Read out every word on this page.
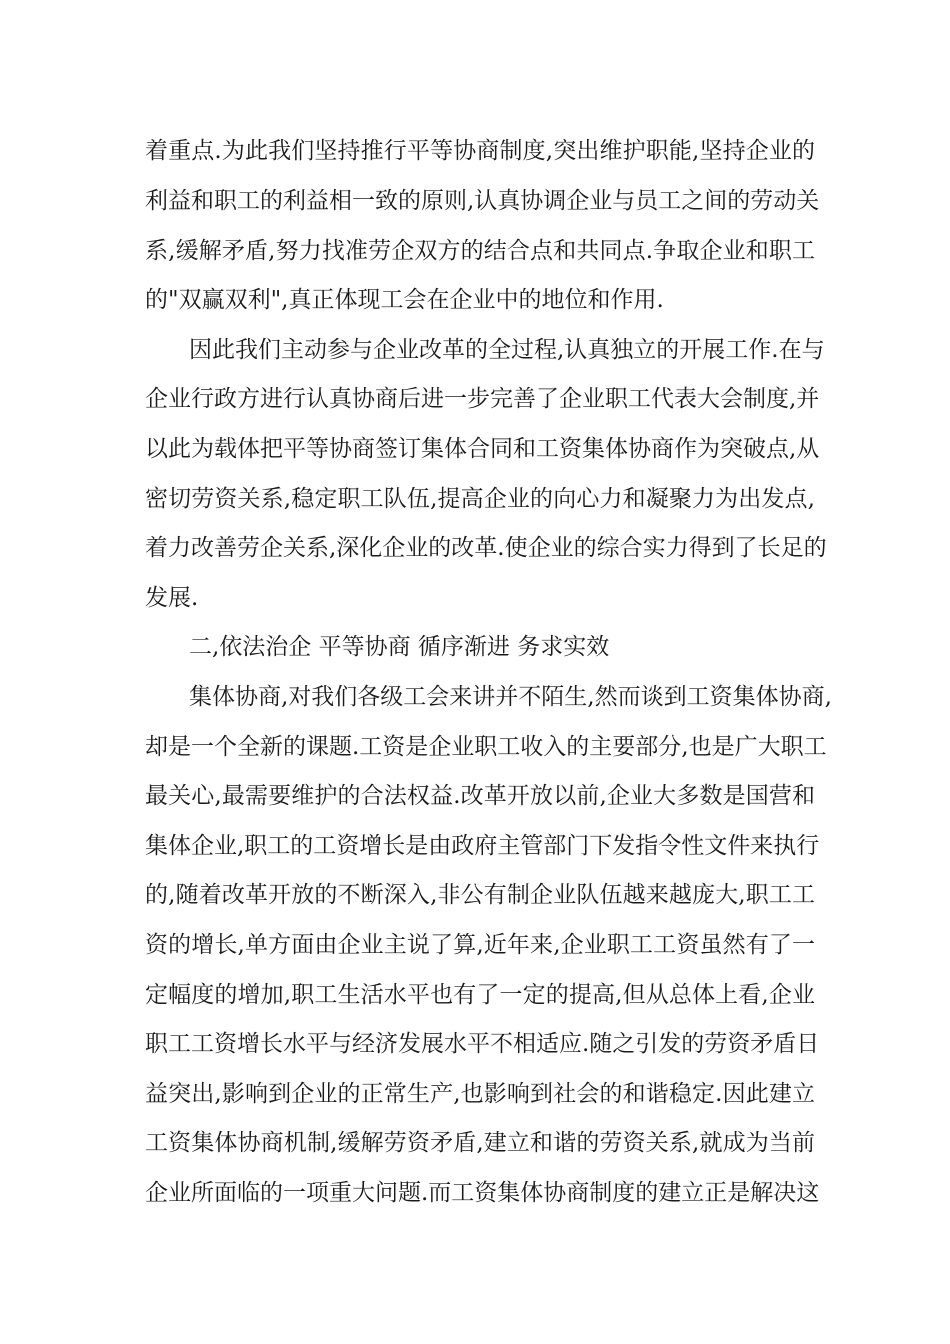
着重点.为此我们坚持推行平等协商制度,突出维护职能,坚持企业的
利益和职工的利益相一致的原则,认真协调企业与员工之间的劳动关
系,缓解矛盾,努力找准劳企双方的结合点和共同点.争取企业和职工
的"双赢双利",真正体现工会在企业中的地位和作用.
因此我们主动参与企业改革的全过程,认真独立的开展工作.在与
企业行政方进行认真协商后进一步完善了企业职工代表大会制度,并
以此为载体把平等协商签订集体合同和工资集体协商作为突破点,从
密切劳资关系,稳定职工队伍,提高企业的向心力和凝聚力为出发点,
着力改善劳企关系,深化企业的改革.使企业的综合实力得到了长足的
发展.
二,依法治企 平等协商 循序渐进 务求实效
集体协商,对我们各级工会来讲并不陌生,然而谈到工资集体协商,
却是一个全新的课题.工资是企业职工收入的主要部分,也是广大职工
最关心,最需要维护的合法权益.改革开放以前,企业大多数是国营和
集体企业,职工的工资增长是由政府主管部门下发指令性文件来执行
的,随着改革开放的不断深入,非公有制企业队伍越来越庞大,职工工
资的增长,单方面由企业主说了算,近年来,企业职工工资虽然有了一
定幅度的增加,职工生活水平也有了一定的提高,但从总体上看,企业
职工工资增长水平与经济发展水平不相适应.随之引发的劳资矛盾日
益突出,影响到企业的正常生产,也影响到社会的和谐稳定.因此建立
工资集体协商机制,缓解劳资矛盾,建立和谐的劳资关系,就成为当前
企业所面临的一项重大问题.而工资集体协商制度的建立正是解决这
